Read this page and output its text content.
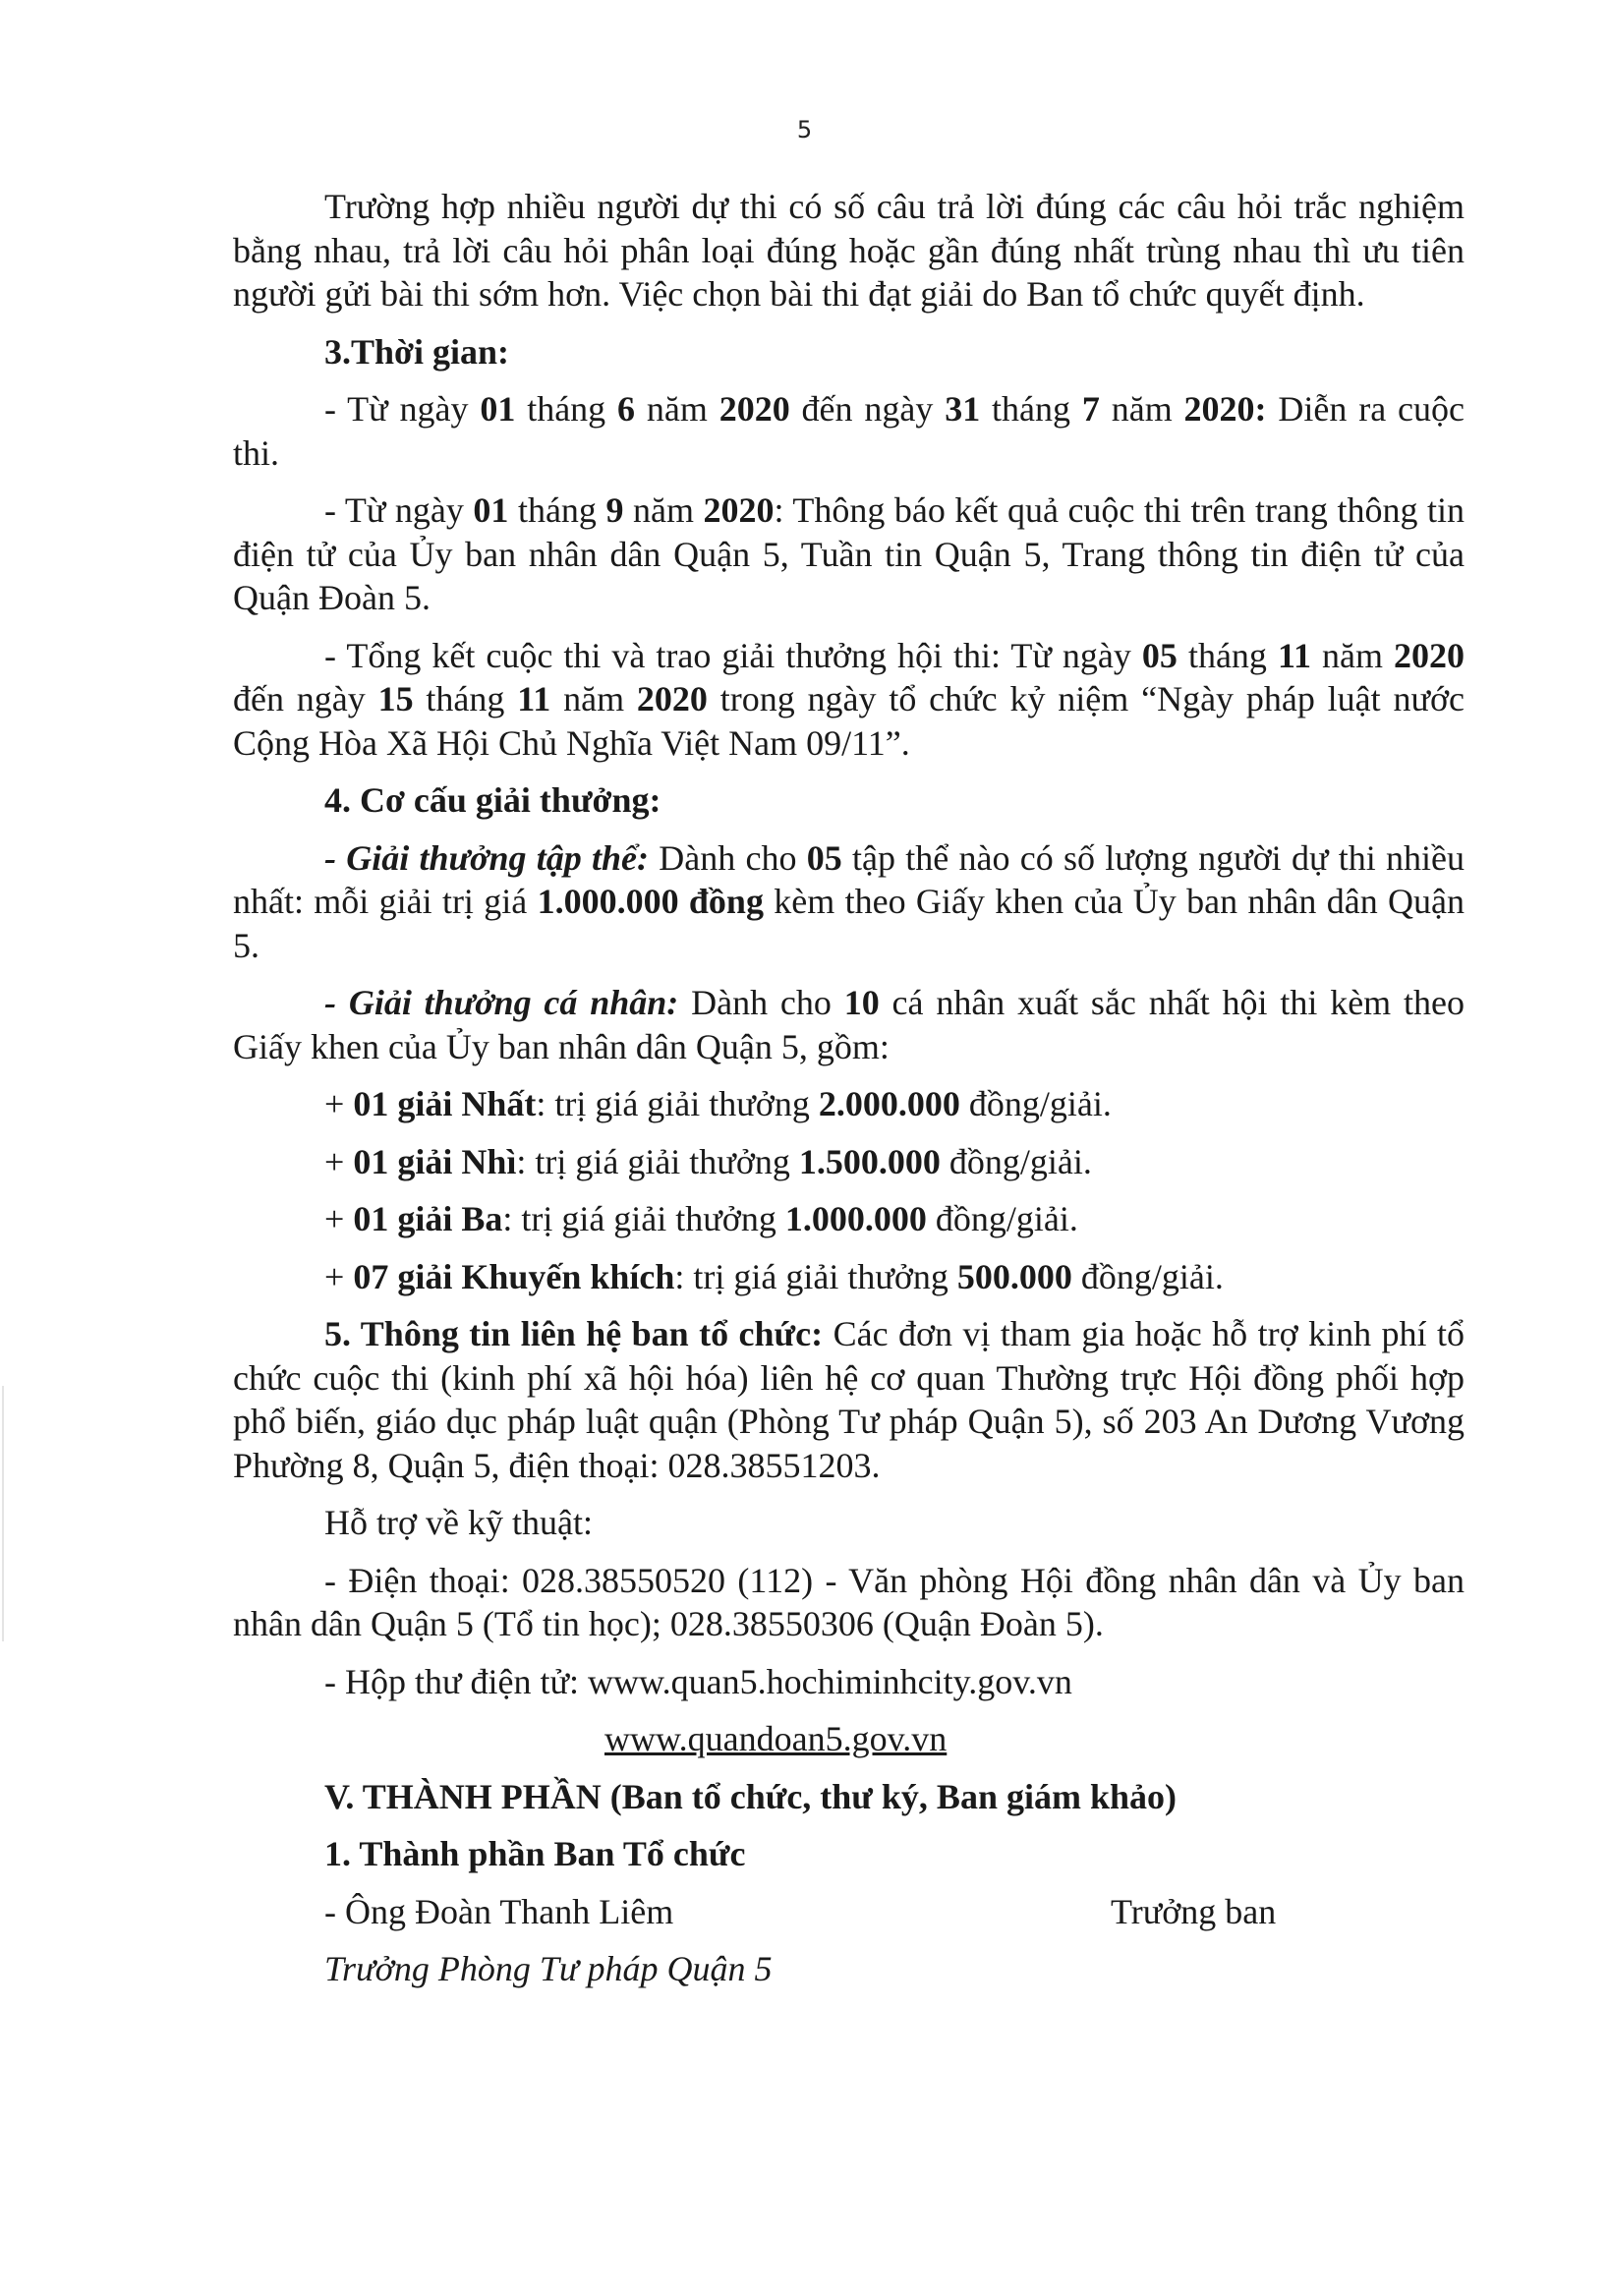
5

Trường hợp nhiều người dự thi có số câu trả lời đúng các câu hỏi trắc nghiệm bằng nhau, trả lời câu hỏi phân loại đúng hoặc gần đúng nhất trùng nhau thì ưu tiên người gửi bài thi sớm hơn. Việc chọn bài thi đạt giải do Ban tổ chức quyết định.

3.Thời gian:

- Từ ngày 01 tháng 6 năm 2020 đến ngày 31 tháng 7 năm 2020: Diễn ra cuộc thi.

- Từ ngày 01 tháng 9 năm 2020: Thông báo kết quả cuộc thi trên trang thông tin điện tử của Ủy ban nhân dân Quận 5, Tuần tin Quận 5, Trang thông tin điện tử của Quận Đoàn 5.

- Tổng kết cuộc thi và trao giải thưởng hội thi: Từ ngày 05 tháng 11 năm 2020 đến ngày 15 tháng 11 năm 2020 trong ngày tổ chức kỷ niệm “Ngày pháp luật nước Cộng Hòa Xã Hội Chủ Nghĩa Việt Nam 09/11”.

4. Cơ cấu giải thưởng:

- Giải thưởng tập thể: Dành cho 05 tập thể nào có số lượng người dự thi nhiều nhất: mỗi giải trị giá 1.000.000 đồng kèm theo Giấy khen của Ủy ban nhân dân Quận 5.

- Giải thưởng cá nhân: Dành cho 10 cá nhân xuất sắc nhất hội thi kèm theo Giấy khen của Ủy ban nhân dân Quận 5, gồm:

+ 01 giải Nhất: trị giá giải thưởng 2.000.000 đồng/giải.

+ 01 giải Nhì: trị giá giải thưởng 1.500.000 đồng/giải.

+ 01 giải Ba: trị giá giải thưởng 1.000.000 đồng/giải.

+ 07 giải Khuyến khích: trị giá giải thưởng 500.000 đồng/giải.

5. Thông tin liên hệ ban tổ chức: Các đơn vị tham gia hoặc hỗ trợ kinh phí tổ chức cuộc thi (kinh phí xã hội hóa) liên hệ cơ quan Thường trực Hội đồng phối hợp phổ biến, giáo dục pháp luật quận (Phòng Tư pháp Quận 5), số 203 An Dương Vương Phường 8, Quận 5, điện thoại: 028.38551203.

Hỗ trợ về kỹ thuật:

- Điện thoại: 028.38550520 (112) - Văn phòng Hội đồng nhân dân và Ủy ban nhân dân Quận 5 (Tổ tin học); 028.38550306 (Quận Đoàn 5).

- Hộp thư điện tử: www.quan5.hochiminhcity.gov.vn

www.quandoan5.gov.vn

V. THÀNH PHẦN (Ban tổ chức, thư ký, Ban giám khảo)

1. Thành phần Ban Tổ chức

- Ông Đoàn Thanh Liêm	Trưởng ban

Trưởng Phòng Tư pháp Quận 5
